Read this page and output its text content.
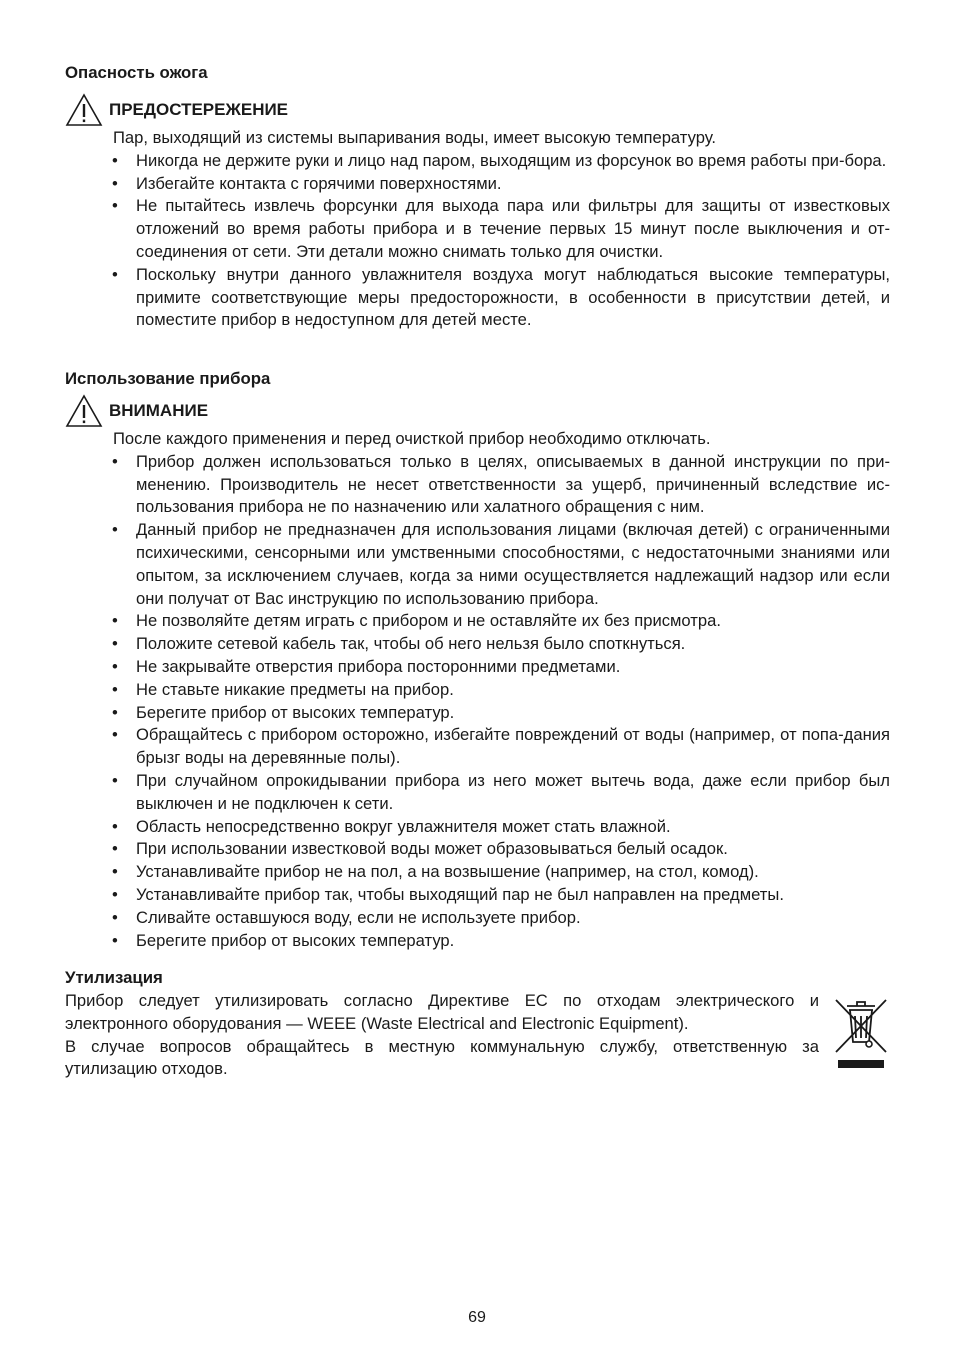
Опасность ожога
ПРЕДОСТЕРЕЖЕНИЕ
Пар, выходящий из системы выпаривания воды, имеет высокую температуру.
• Никогда не держите руки и лицо над паром, выходящим из форсунок во время работы при-бора.
• Избегайте контакта с горячими поверхностями.
• Не пытайтесь извлечь форсунки для выхода пара или фильтры для защиты от известковых отложений во время работы прибора и в течение первых 15 минут после выключения и от-соединения от сети. Эти детали можно снимать только для очистки.
• Поскольку внутри данного увлажнителя воздуха могут наблюдаться высокие температуры, примите соответствующие меры предосторожности, в особенности в присутствии детей, и поместите прибор в недоступном для детей месте.
Использование прибора
ВНИМАНИЕ
После каждого применения и перед очисткой прибор необходимо отключать.
• Прибор должен использоваться только в целях, описываемых в данной инструкции по при-менению. Производитель не несет ответственности за ущерб, причиненный вследствие ис-пользования прибора не по назначению или халатного обращения с ним.
• Данный прибор не предназначен для использования лицами (включая детей) с ограниченными психическими, сенсорными или умственными способностями, с недостаточными знаниями или опытом, за исключением случаев, когда за ними осуществляется надлежащий надзор или если они получат от Вас инструкцию по использованию прибора.
• Не позволяйте детям играть с прибором и не оставляйте их без присмотра.
• Положите сетевой кабель так, чтобы об него нельзя было споткнуться.
• Не закрывайте отверстия прибора посторонними предметами.
• Не ставьте никакие предметы на прибор.
• Берегите прибор от высоких температур.
• Обращайтесь с прибором осторожно, избегайте повреждений от воды (например, от попа-дания брызг воды на деревянные полы).
• При случайном опрокидывании прибора из него может вытечь вода, даже если прибор был выключен и не подключен к сети.
• Область непосредственно вокруг увлажнителя может стать влажной.
• При использовании известковой воды может образовываться белый осадок.
• Устанавливайте прибор не на пол, а на возвышение (например, на стол, комод).
• Устанавливайте прибор так, чтобы выходящий пар не был направлен на предметы.
• Сливайте оставшуюся воду, если не используете прибор.
• Берегите прибор от высоких температур.
Утилизация
Прибор следует утилизировать согласно Директиве ЕС по отходам электрического и электронного оборудования — WEEE (Waste Electrical and Electronic Equipment).
В случае вопросов обращайтесь в местную коммунальную службу, ответственную за утилизацию отходов.
69
